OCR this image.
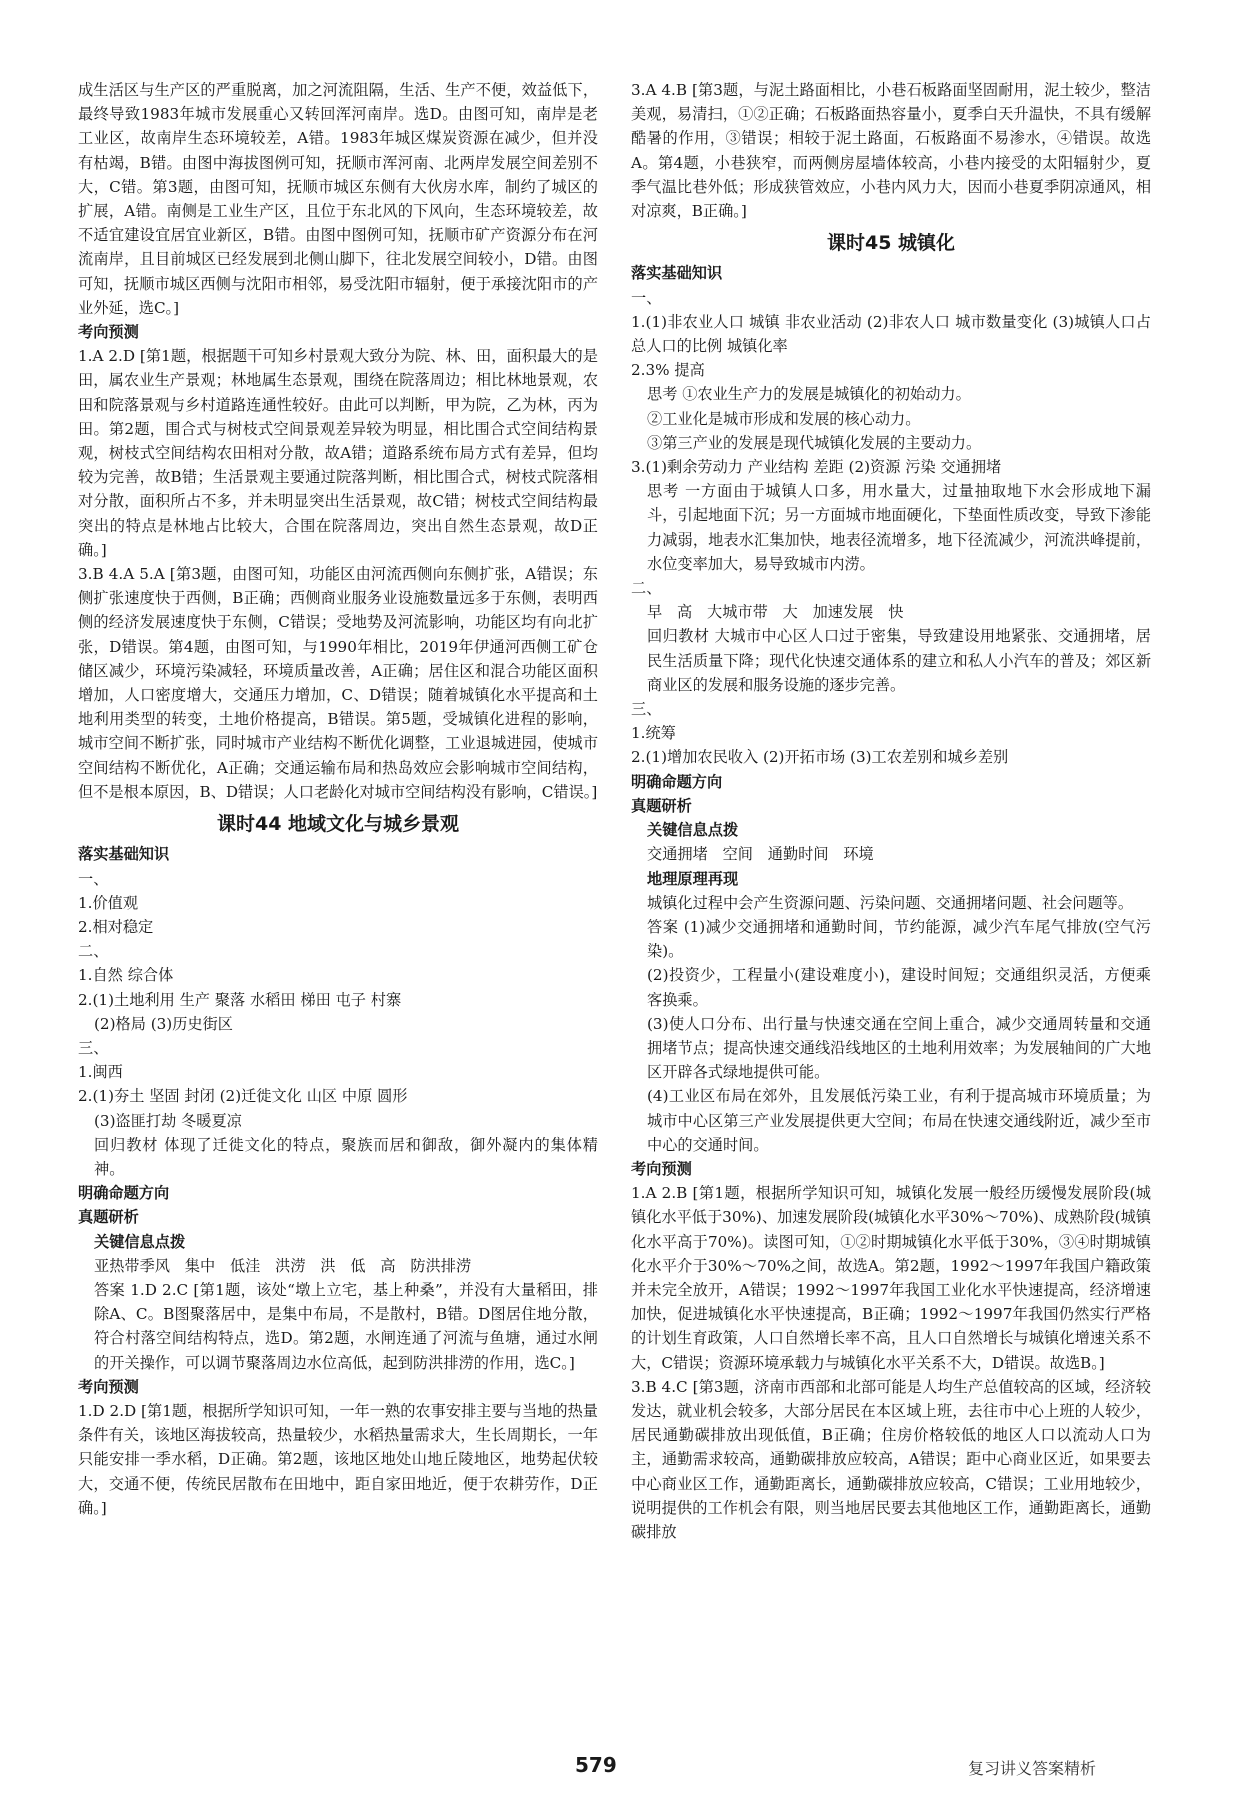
成生活区与生产区的严重脱离，加之河流阻隔，生活、生产不便，效益低下，最终导致1983年城市发展重心又转回浑河南岸。选D。由图可知，南岸是老工业区，故南岸生态环境较差，A错。1983年城区煤炭资源在减少，但并没有枯竭，B错。由图中海拔图例可知，抚顺市浑河南、北两岸发展空间差别不大，C错。第3题，由图可知，抚顺市城区东侧有大伙房水库，制约了城区的扩展，A错。南侧是工业生产区，且位于东北风的下风向，生态环境较差，故不适宜建设宜居宜业新区，B错。由图中图例可知，抚顺市矿产资源分布在河流南岸，且目前城区已经发展到北侧山脚下，往北发展空间较小，D错。由图可知，抚顺市城区西侧与沈阳市相邻，易受沈阳市辐射，便于承接沈阳市的产业外延，选C。]

考向预测

1.A 2.D [第1题，根据题干可知乡村景观大致分为院、林、田，面积最大的是田，属农业生产景观；林地属生态景观，围绕在院落周边；相比林地景观，农田和院落景观与乡村道路连通性较好。由此可以判断，甲为院，乙为林，丙为田。第2题，围合式与树枝式空间景观差异较为明显，相比围合式空间结构景观，树枝式空间结构农田相对分散，故A错；道路系统布局方式有差异，但均较为完善，故B错；生活景观主要通过院落判断，相比围合式，树枝式院落相对分散，面积所占不多，并未明显突出生活景观，故C错；树枝式空间结构最突出的特点是林地占比较大，合围在院落周边，突出自然生态景观，故D正确。]

3.B 4.A 5.A [第3题，由图可知，功能区由河流西侧向东侧扩张，A错误；东侧扩张速度快于西侧，B正确；西侧商业服务业设施数量远多于东侧，表明西侧的经济发展速度快于东侧，C错误；受地势及河流影响，功能区均有向北扩张，D错误。第4题，由图可知，与1990年相比，2019年伊通河西侧工矿仓储区减少，环境污染减轻，环境质量改善，A正确；居住区和混合功能区面积增加，人口密度增大，交通压力增加，C、D错误；随着城镇化水平提高和土地利用类型的转变，土地价格提高，B错误。第5题，受城镇化进程的影响，城市空间不断扩张，同时城市产业结构不断优化调整，工业退城进园，使城市空间结构不断优化，A正确；交通运输布局和热岛效应会影响城市空间结构，但不是根本原因，B、D错误；人口老龄化对城市空间结构没有影响，C错误。]

课时44 地域文化与城乡景观

落实基础知识

一、

1.价值观

2.相对稳定

二、

1.自然 综合体

2.(1)土地利用 生产 聚落 水稻田 梯田 屯子 村寨

(2)格局 (3)历史街区

三、

1.闽西

2.(1)夯土 坚固 封闭 (2)迁徙文化 山区 中原 圆形

(3)盗匪打劫 冬暖夏凉

回归教材 体现了迁徙文化的特点，聚族而居和御敌，御外凝内的集体精神。

明确命题方向

真题研析

关键信息点拨

亚热带季风 集中 低洼 洪涝 洪 低 高 防洪排涝

答案 1.D 2.C [第1题，该处“墩上立宅，基上种桑”，并没有大量稻田，排除A、C。B图聚落居中，是集中布局，不是散村，B错。D图居住地分散，符合村落空间结构特点，选D。第2题，水闸连通了河流与鱼塘，通过水闸的开关操作，可以调节聚落周边水位高低，起到防洪排涝的作用，选C。]

考向预测

1.D 2.D [第1题，根据所学知识可知，一年一熟的农事安排主要与当地的热量条件有关，该地区海拔较高，热量较少，水稻热量需求大，生长周期长，一年只能安排一季水稻，D正确。第2题，该地区地处山地丘陵地区，地势起伏较大，交通不便，传统民居散布在田地中，距自家田地近，便于农耕劳作，D正确。]

3.A 4.B [第3题，与泥土路面相比，小巷石板路面坚固耐用，泥土较少，整洁美观，易清扫，①②正确；石板路面热容量小，夏季白天升温快，不具有缓解酷暑的作用，③错误；相较于泥土路面，石板路面不易渗水，④错误。故选A。第4题，小巷狭窄，而两侧房屋墙体较高，小巷内接受的太阳辐射少，夏季气温比巷外低；形成狭管效应，小巷内风力大，因而小巷夏季阴凉通风，相对凉爽，B正确。]

课时45 城镇化

落实基础知识

一、

1.(1)非农业人口 城镇 非农业活动 (2)非农人口 城市数量变化 (3)城镇人口占总人口的比例 城镇化率

2.3% 提高

思考 ①农业生产力的发展是城镇化的初始动力。

②工业化是城市形成和发展的核心动力。

③第三产业的发展是现代城镇化发展的主要动力。

3.(1)剩余劳动力 产业结构 差距 (2)资源 污染 交通拥堵

思考 一方面由于城镇人口多，用水量大，过量抽取地下水会形成地下漏斗，引起地面下沉；另一方面城市地面硬化，下垫面性质改变，导致下渗能力减弱，地表水汇集加快，地表径流增多，地下径流减少，河流洪峰提前，水位变率加大，易导致城市内涝。

二、

早 高 大城市带 大 加速发展 快

回归教材 大城市中心区人口过于密集，导致建设用地紧张、交通拥堵，居民生活质量下降；现代化快速交通体系的建立和私人小汽车的普及；郊区新商业区的发展和服务设施的逐步完善。

三、

1.统筹

2.(1)增加农民收入 (2)开拓市场 (3)工农差别和城乡差别

明确命题方向

真题研析

关键信息点拨

交通拥堵 空间 通勤时间 环境

地理原理再现

城镇化过程中会产生资源问题、污染问题、交通拥堵问题、社会问题等。

答案 (1)减少交通拥堵和通勤时间，节约能源，减少汽车尾气排放(空气污染)。

(2)投资少，工程量小(建设难度小)，建设时间短；交通组织灵活，方便乘客换乘。

(3)使人口分布、出行量与快速交通在空间上重合，减少交通周转量和交通拥堵节点；提高快速交通线沿线地区的土地利用效率；为发展轴间的广大地区开辟各式绿地提供可能。

(4)工业区布局在郊外，且发展低污染工业，有利于提高城市环境质量；为城市中心区第三产业发展提供更大空间；布局在快速交通线附近，减少至市中心的交通时间。

考向预测

1.A 2.B [第1题，根据所学知识可知，城镇化发展一般经历缓慢发展阶段(城镇化水平低于30%)、加速发展阶段(城镇化水平30%～70%)、成熟阶段(城镇化水平高于70%)。读图可知，①②时期城镇化水平低于30%，③④时期城镇化水平介于30%～70%之间，故选A。第2题，1992～1997年我国户籍政策并未完全放开，A错误；1992～1997年我国工业化水平快速提高，经济增速加快，促进城镇化水平快速提高，B正确；1992～1997年我国仍然实行严格的计划生育政策，人口自然增长率不高，且人口自然增长与城镇化增速关系不大，C错误；资源环境承载力与城镇化水平关系不大，D错误。故选B。]

3.B 4.C [第3题，济南市西部和北部可能是人均生产总值较高的区域，经济较发达，就业机会较多，大部分居民在本区域上班，去往市中心上班的人较少，居民通勤碳排放出现低值，B正确；住房价格较低的地区人口以流动人口为主，通勤需求较高，通勤碳排放应较高，A错误；距中心商业区近，如果要去中心商业区工作，通勤距离长，通勤碳排放应较高，C错误；工业用地较少，说明提供的工作机会有限，则当地居民要去其他地区工作，通勤距离长，通勤碳排放

579	复习讲义答案精析
